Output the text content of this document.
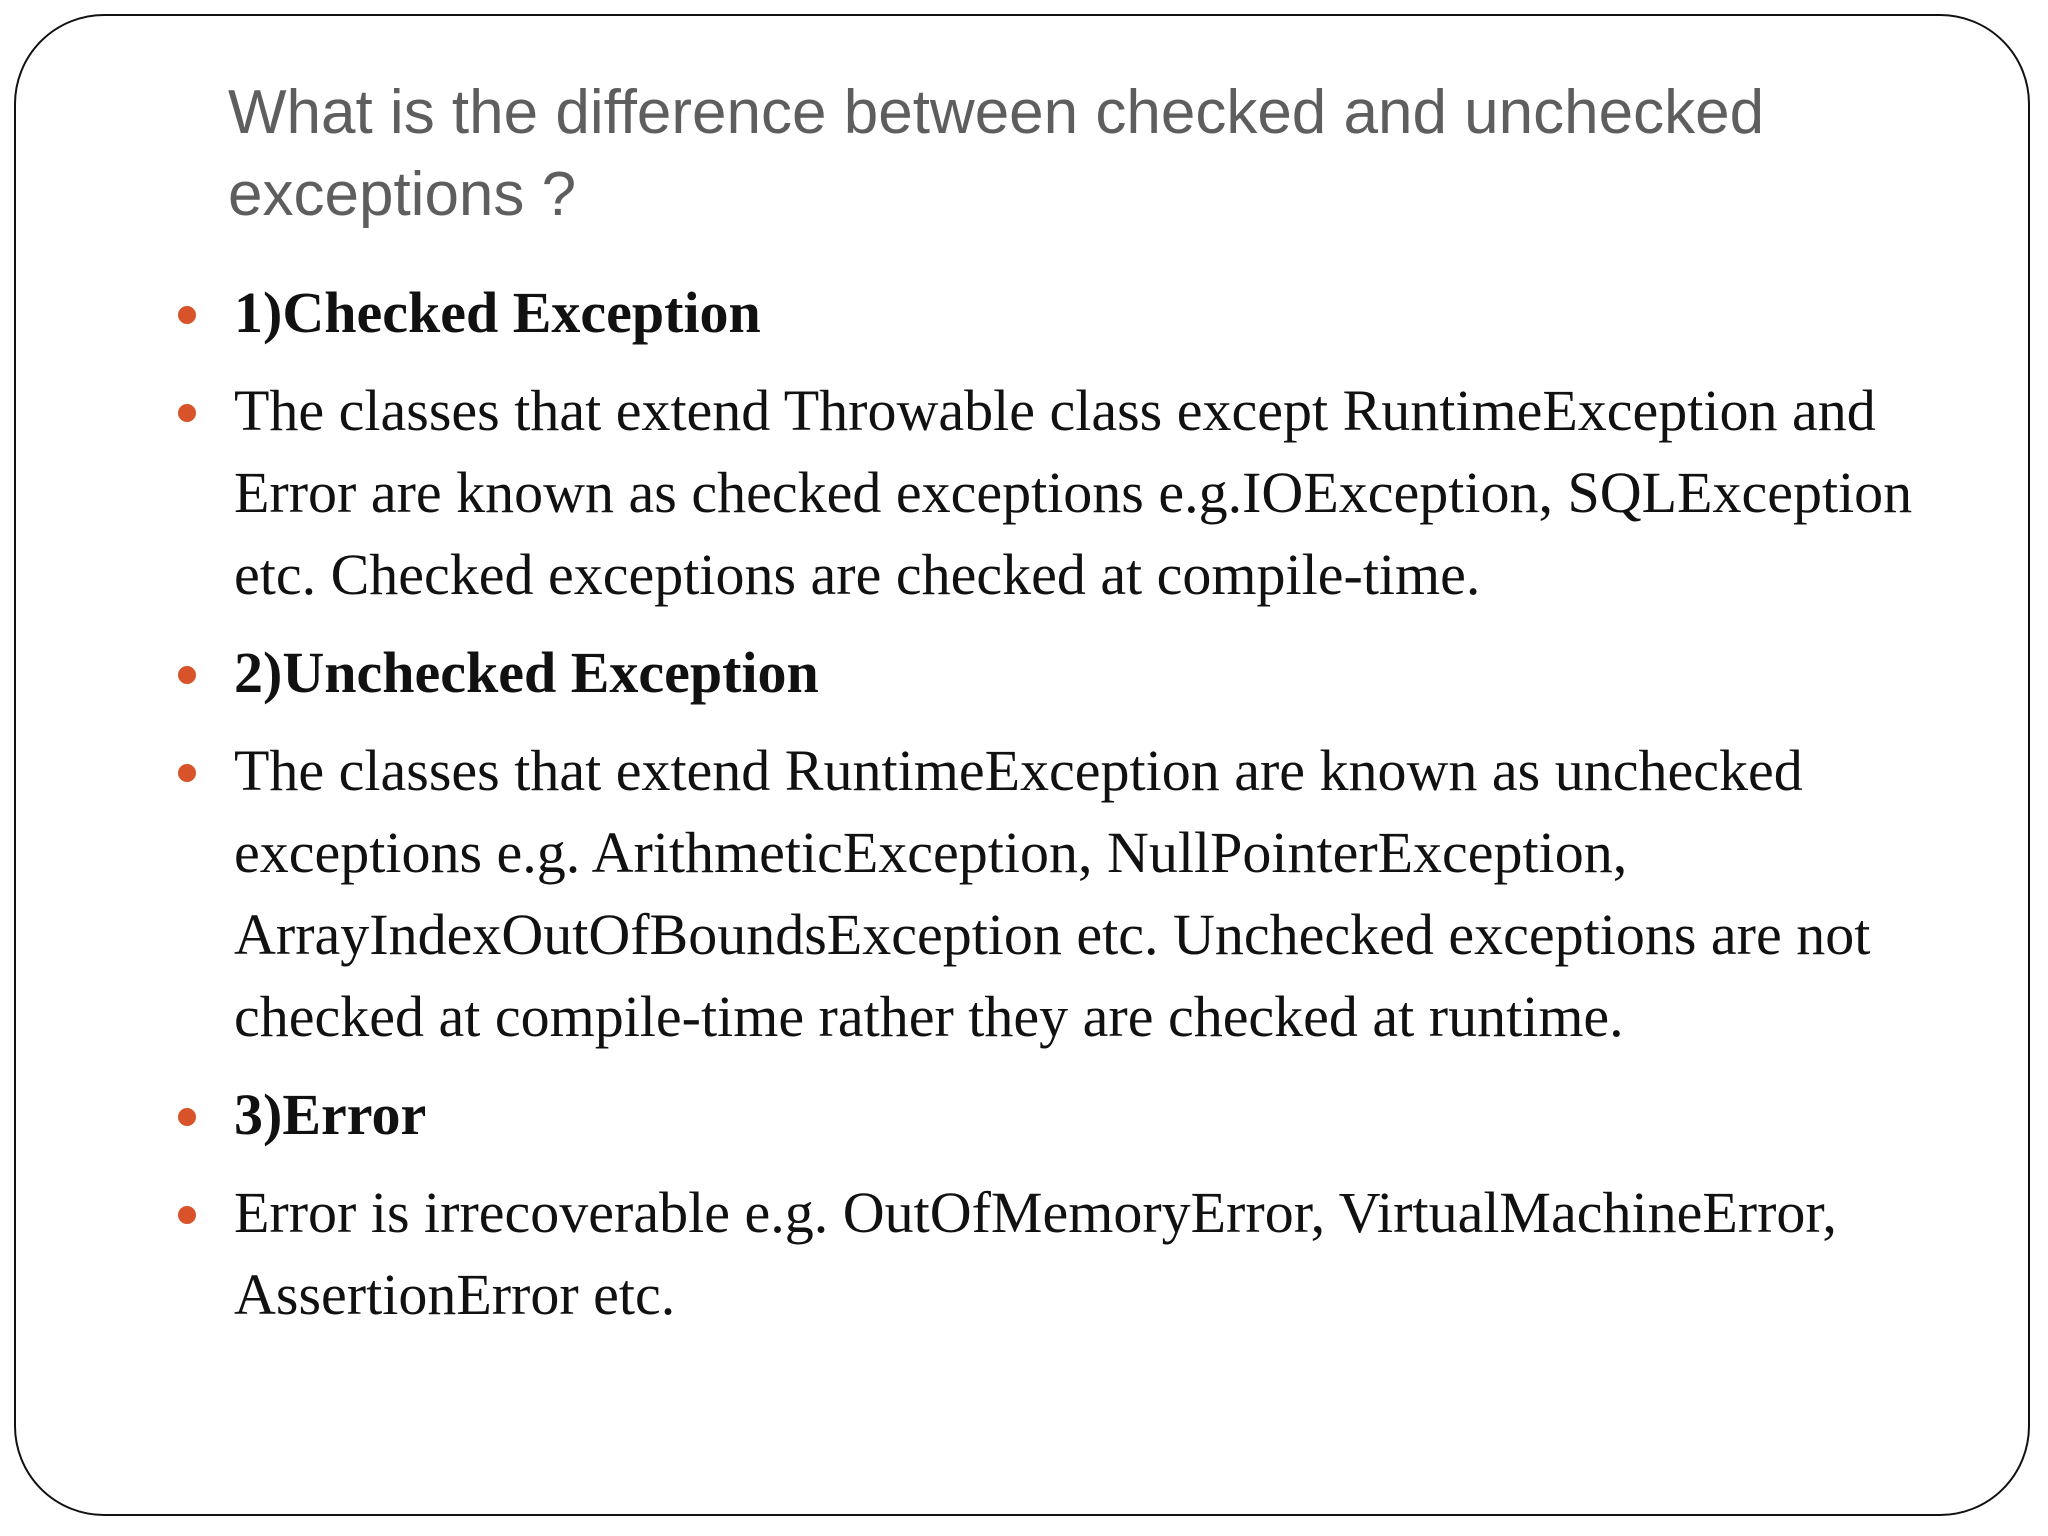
What is the difference between checked and unchecked exceptions ?
1)Checked Exception
The classes that extend Throwable class except RuntimeException and Error are known as checked exceptions e.g.IOException, SQLException etc. Checked exceptions are checked at compile-time.
2)Unchecked Exception
The classes that extend RuntimeException are known as unchecked exceptions e.g. ArithmeticException, NullPointerException, ArrayIndexOutOfBoundsException etc. Unchecked exceptions are not checked at compile-time rather they are checked at runtime.
3)Error
Error is irrecoverable e.g. OutOfMemoryError, VirtualMachineError, AssertionError etc.
